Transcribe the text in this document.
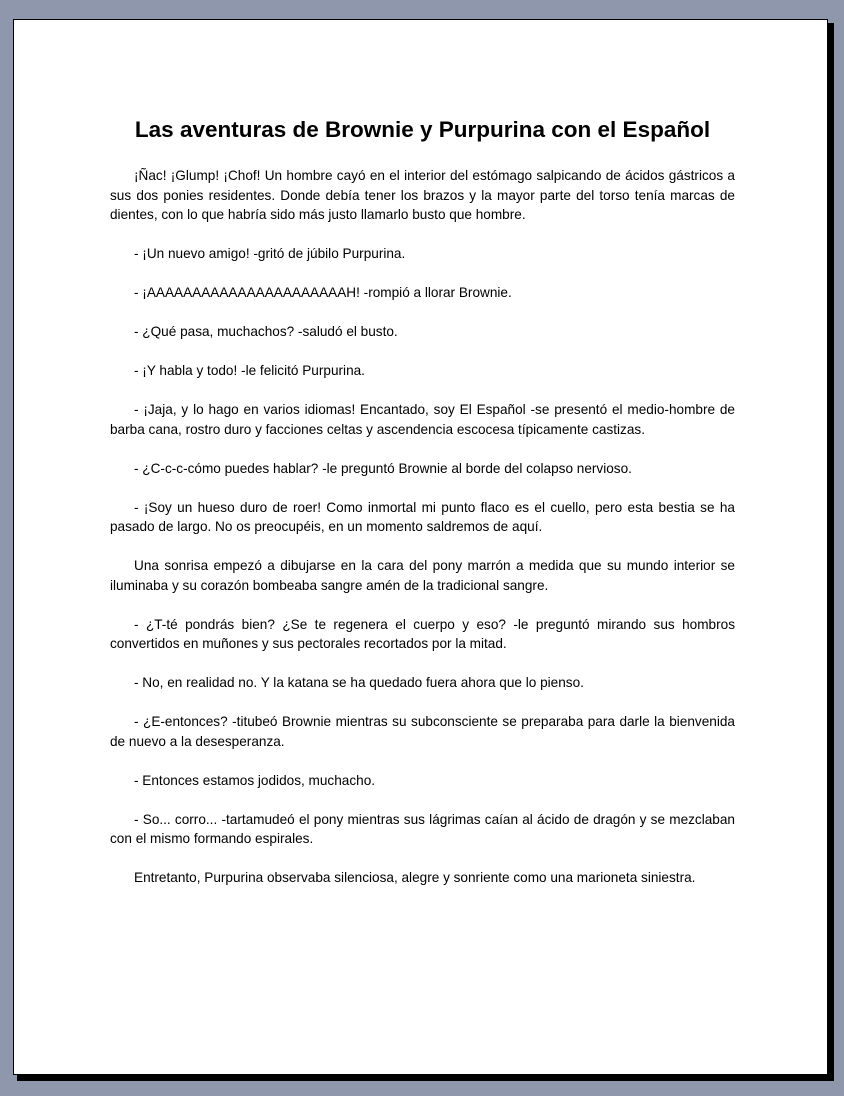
Las aventuras de Brownie y Purpurina con el Español

¡Ñac! ¡Glump! ¡Chof! Un hombre cayó en el interior del estómago salpicando de ácidos gástricos a sus dos ponies residentes. Donde debía tener los brazos y la mayor parte del torso tenía marcas de dientes, con lo que habría sido más justo llamarlo busto que hombre.

- ¡Un nuevo amigo! -gritó de júbilo Purpurina.

- ¡AAAAAAAAAAAAAAAAAAAAAAH! -rompió a llorar Brownie.

- ¿Qué pasa, muchachos? -saludó el busto.

- ¡Y habla y todo! -le felicitó Purpurina.

- ¡Jaja, y lo hago en varios idiomas! Encantado, soy El Español -se presentó el medio-hombre de barba cana, rostro duro y facciones celtas y ascendencia escocesa típicamente castizas.

- ¿C-c-c-cómo puedes hablar? -le preguntó Brownie al borde del colapso nervioso.

- ¡Soy un hueso duro de roer! Como inmortal mi punto flaco es el cuello, pero esta bestia se ha pasado de largo. No os preocupéis, en un momento saldremos de aquí.

Una sonrisa empezó a dibujarse en la cara del pony marrón a medida que su mundo interior se iluminaba y su corazón bombeaba sangre amén de la tradicional sangre.

- ¿T-té pondrás bien? ¿Se te regenera el cuerpo y eso? -le preguntó mirando sus hombros convertidos en muñones y sus pectorales recortados por la mitad.

- No, en realidad no. Y la katana se ha quedado fuera ahora que lo pienso.

- ¿E-entonces? -titubeó Brownie mientras su subconsciente se preparaba para darle la bienvenida de nuevo a la desesperanza.

- Entonces estamos jodidos, muchacho.

- So... corro... -tartamudeó el pony mientras sus lágrimas caían al ácido de dragón y se mezclaban con el mismo formando espirales.

Entretanto, Purpurina observaba silenciosa, alegre y sonriente como una marioneta siniestra.
